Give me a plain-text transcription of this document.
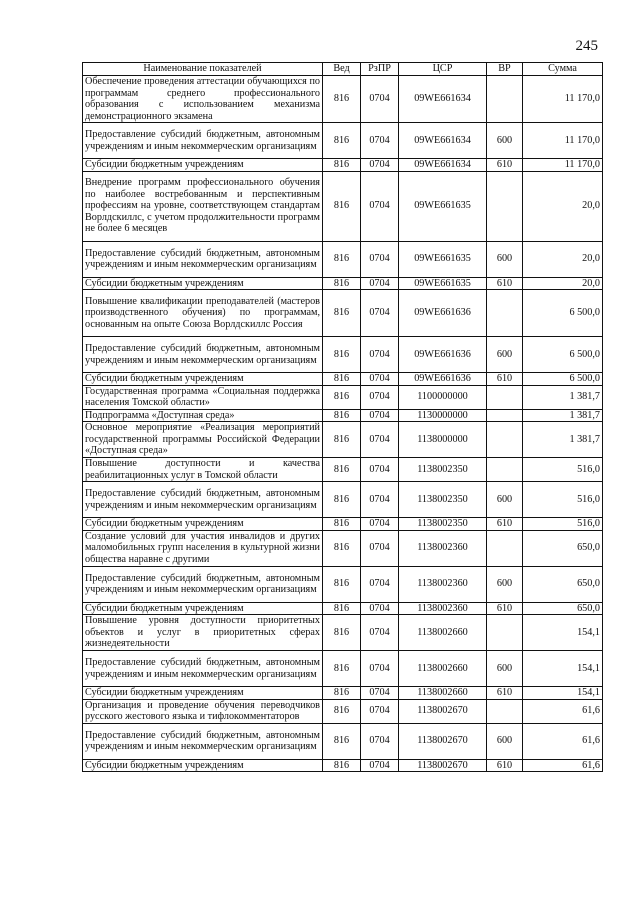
245
Наименование показателей	Вед	РзПР	ЦСР	ВР	Сумма
Обеспечение проведения аттестации обучающихся по программам среднего профессионального образования с использованием механизма демонстрационного экзамена	816	0704	09WE661634		11 170,0
Предоставление субсидий бюджетным, автономным учреждениям и иным некоммерческим организациям	816	0704	09WE661634	600	11 170,0
Субсидии бюджетным учреждениям	816	0704	09WE661634	610	11 170,0
Внедрение программ профессионального обучения по наиболее востребованным и перспективным профессиям на уровне, соответствующем стандартам Ворлдскиллс, с учетом продолжительности программ не более 6 месяцев	816	0704	09WE661635		20,0
Предоставление субсидий бюджетным, автономным учреждениям и иным некоммерческим организациям	816	0704	09WE661635	600	20,0
Субсидии бюджетным учреждениям	816	0704	09WE661635	610	20,0
Повышение квалификации преподавателей (мастеров производственного обучения) по программам, основанным на опыте Союза Ворлдскиллс Россия	816	0704	09WE661636		6 500,0
Предоставление субсидий бюджетным, автономным учреждениям и иным некоммерческим организациям	816	0704	09WE661636	600	6 500,0
Субсидии бюджетным учреждениям	816	0704	09WE661636	610	6 500,0
Государственная программа «Социальная поддержка населения Томской области»	816	0704	1100000000		1 381,7
Подпрограмма «Доступная среда»	816	0704	1130000000		1 381,7
Основное мероприятие «Реализация мероприятий государственной программы Российской Федерации «Доступная среда»	816	0704	1138000000		1 381,7
Повышение доступности и качества реабилитационных услуг в Томской области	816	0704	1138002350		516,0
Предоставление субсидий бюджетным, автономным учреждениям и иным некоммерческим организациям	816	0704	1138002350	600	516,0
Субсидии бюджетным учреждениям	816	0704	1138002350	610	516,0
Создание условий для участия инвалидов и других маломобильных групп населения в культурной жизни общества наравне с другими	816	0704	1138002360		650,0
Предоставление субсидий бюджетным, автономным учреждениям и иным некоммерческим организациям	816	0704	1138002360	600	650,0
Субсидии бюджетным учреждениям	816	0704	1138002360	610	650,0
Повышение уровня доступности приоритетных объектов и услуг в приоритетных сферах жизнедеятельности	816	0704	1138002660		154,1
Предоставление субсидий бюджетным, автономным учреждениям и иным некоммерческим организациям	816	0704	1138002660	600	154,1
Субсидии бюджетным учреждениям	816	0704	1138002660	610	154,1
Организация и проведение обучения переводчиков русского жестового языка и тифлокомментаторов	816	0704	1138002670		61,6
Предоставление субсидий бюджетным, автономным учреждениям и иным некоммерческим организациям	816	0704	1138002670	600	61,6
Субсидии бюджетным учреждениям	816	0704	1138002670	610	61,6
